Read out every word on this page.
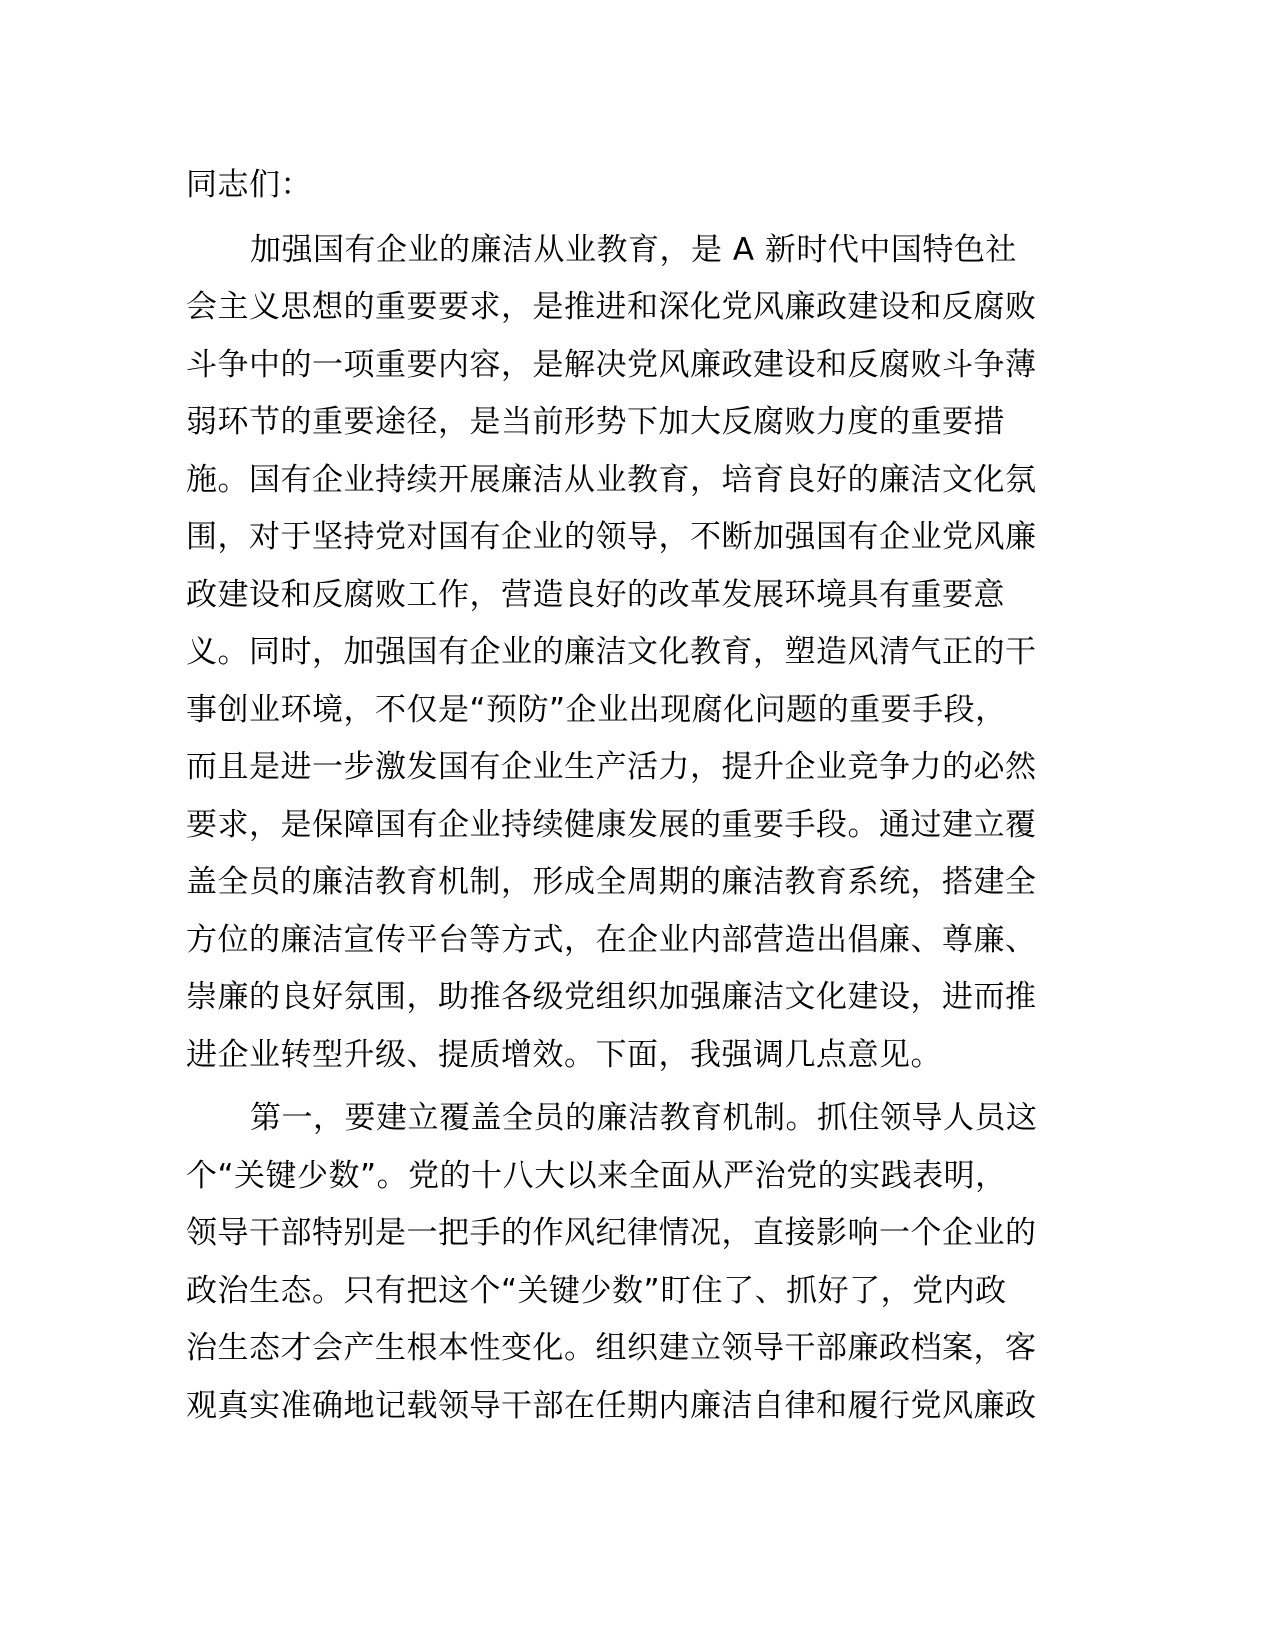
同志们：
加强国有企业的廉洁从业教育，是 A 新时代中国特色社
会主义思想的重要要求，是推进和深化党风廉政建设和反腐败
斗争中的一项重要内容，是解决党风廉政建设和反腐败斗争薄
弱环节的重要途径，是当前形势下加大反腐败力度的重要措
施。国有企业持续开展廉洁从业教育，培育良好的廉洁文化氛
围，对于坚持党对国有企业的领导，不断加强国有企业党风廉
政建设和反腐败工作，营造良好的改革发展环境具有重要意
义。同时，加强国有企业的廉洁文化教育，塑造风清气正的干
事创业环境，不仅是“预防”企业出现腐化问题的重要手段，
而且是进一步激发国有企业生产活力，提升企业竞争力的必然
要求，是保障国有企业持续健康发展的重要手段。通过建立覆
盖全员的廉洁教育机制，形成全周期的廉洁教育系统，搭建全
方位的廉洁宣传平台等方式，在企业内部营造出倡廉、尊廉、
崇廉的良好氛围，助推各级党组织加强廉洁文化建设，进而推
进企业转型升级、提质增效。下面，我强调几点意见。
第一，要建立覆盖全员的廉洁教育机制。抓住领导人员这
个“关键少数”。党的十八大以来全面从严治党的实践表明，
领导干部特别是一把手的作风纪律情况，直接影响一个企业的
政治生态。只有把这个“关键少数”盯住了、抓好了，党内政
治生态才会产生根本性变化。组织建立领导干部廉政档案，客
观真实准确地记载领导干部在任期内廉洁自律和履行党风廉政
